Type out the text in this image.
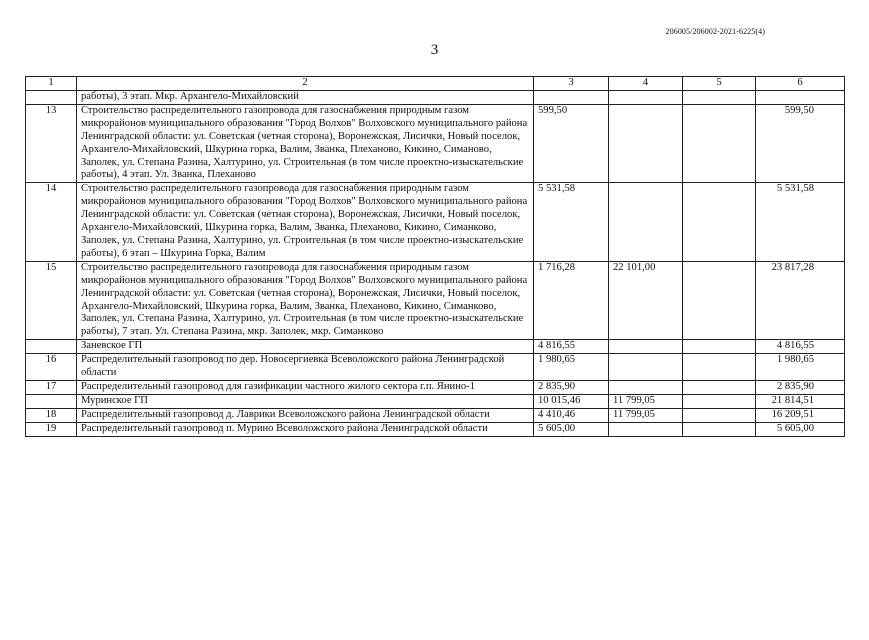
206005/206002-2021-6225(4)
3
1	2	3	4	5	6
	работы), 3 этап. Мкр. Архангело-Михайловский				
13	Строительство распределительного газопровода для газоснабжения природным газом микрорайонов муниципального образования "Город Волхов" Волховского муниципального района Ленинградской области: ул. Советская (четная сторона), Воронежская, Лисички, Новый поселок, Архангело-Михайловский, Шкурина горка, Валим, Званка, Плеханово, Кикино, Симаново, Заполек, ул. Степана Разина, Халтурино, ул. Строительная (в том числе проектно-изыскательские работы), 4 этап. Ул. Званка, Плеханово	599,50			599,50
14	Строительство распределительного газопровода для газоснабжения природным газом микрорайонов муниципального образования "Город Волхов" Волховского муниципального района Ленинградской области: ул. Советская (четная сторона), Воронежская, Лисички, Новый поселок, Архангело-Михайловский, Шкурина горка, Валим, Званка, Плеханово, Кикино, Симанково, Заполек, ул. Степана Разина, Халтурино, ул. Строительная (в том числе проектно-изыскательские работы), 6 этап – Шкурина Горка, Валим	5 531,58			5 531,58
15	Строительство распределительного газопровода для газоснабжения природным газом микрорайонов муниципального образования "Город Волхов" Волховского муниципального района Ленинградской области: ул. Советская (четная сторона), Воронежская, Лисички, Новый поселок, Архангело-Михайловский, Шкурина горка, Валим, Званка, Плеханово, Кикино, Симанково, Заполек, ул. Степана Разина, Халтурино, ул. Строительная (в том числе проектно-изыскательские работы), 7 этап. Ул. Степана Разина, мкр. Заполек, мкр. Симанково	1 716,28	22 101,00		23 817,28
	Заневское ГП	4 816,55			4 816,55
16	Распределительный газопровод по дер. Новосергиевка Всеволожского района Ленинградской области	1 980,65			1 980,65
17	Распределительный газопровод для газификации частного жилого сектора г.п. Янино-1	2 835,90			2 835,90
	Муринское ГП	10 015,46	11 799,05		21 814,51
18	Распределительный газопровод д. Лаврики Всеволожского района Ленинградской области	4 410,46	11 799,05		16 209,51
19	Распределительный газопровод п. Мурино Всеволожского района Ленинградской области	5 605,00			5 605,00
